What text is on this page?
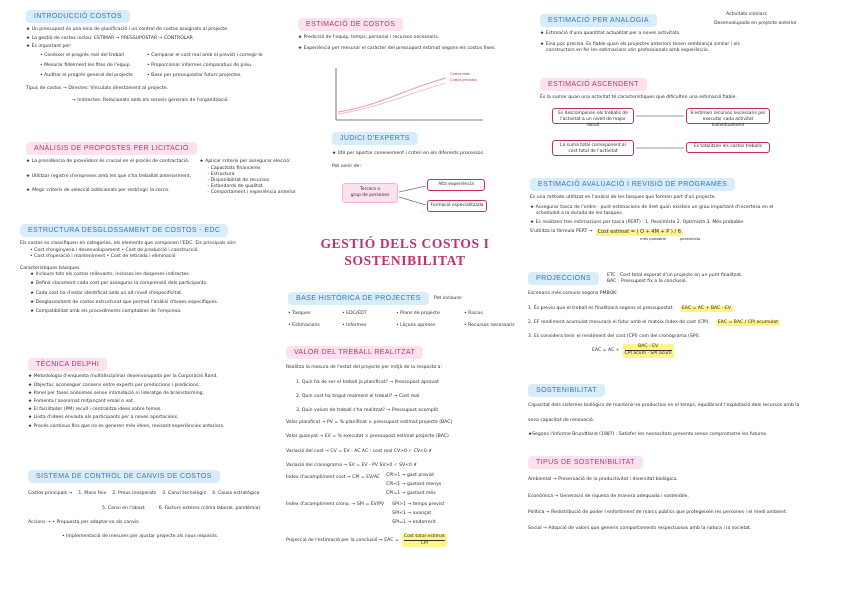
INTRODUCCIÓ COSTOS
★ Un pressupost és una eina de planificació i un control de costos assignats al projecte.
★ La gestió de costos inclou: ESTIMAR → PRESSUPOSTAR → CONTROLAR
★ És important per:
• Conèixer el progrés real del treball
• Mesurar fidelment les fites de l'equip
• Auditar el progrés general del projecte
• Comparar el cost real amb el previst i corregir-lo
• Proporcionar informes comparatius de preu.
• Base per pressupostar futurs projectes.
Tipus de costos → Directes: Vinculats directament al projecte.
→ Indirectes: Relacionats amb els serveis generals de l'organització.
ANÀLISIS DE PROPOSTES PER LICITACIÓ
★ La presidència de proveïdors és crucial en el procés de contractació.
★ Utilitzar registre d'empreses amb les que s'ha treballat anteriorment.
★ Afegir criteris de selecció addicionals per restringir la cerca.
★ Aplicar criteris per assegurar elecció:
- Capacitats financeres
- Estructura
- Disponibilitat de recursos
- Estàndards de qualitat
- Comportament i experiència anterior
ESTRUCTURA DESGLOSSAMENT DE COSTOS - EDC
Els costos es classifiquen en categories, els elements que componen l'EDC. Els principals són:
• Cost d'enginyeria i desenvolupament • Cost de producció i construcció
• Cost d'operació i manteniment • Cost de retirada i eliminació
Característiques bàsiques
★ Incloure tots els costos rellevants, inclosos les despeses indirectes.
★ Definir clarament cada cost per assegurar la comprensió dels participants.
★ Cada cost ha d'estar identificat amb un alt nivell d'especificitat.
★ Desglossament de costos estructurat que permet l'anàlisi d'àrees específiques.
★ Compatibilitat amb els procediments comptables de l'empresa.
TÈCNICA DELPHI
★ Metodologia d'enquesta multidisciplinar desenvolupada per la Corporació Rand.
★ Objectiu: aconseguir consens entre experts per prediccions i predicions.
★ Panel per fases anònimes sense intimidació ni lideratge de brainstorming.
★ Fomenta l'anonimat mitjançant email o xat.
★ El facilitador (PM) recull i centralitza idees sobre temes.
★ Llista d'idees enviada als participants per a noves aportacions.
★ Procés continua fins que no es generen més idees, revisant experiències anteriors.
SISTEMA DE CONTROL DE CANVIS DE COSTOS
Costos principals → 1. Mans feix 2. Preus inesperats 3. Canvi tecnològic 4. Causa estratègica
5. Canvi en l'abast	6. Factors externs (clima laboral, pandèmia)
Accions → • Propuesta per adaptar-se als canvis.
• Implementació de mesures per ajustar projecte als nous requisits.
ESTIMACIÓ DE COSTOS
★ Predicció de l'equip, temps, personal i recursos necessaris.
★ Experiència per mesurar el caràcter del pressupost estimat segons els costos fixes.
Costos reals
Costos previstos
JUDICI D'EXPERTS
★ Útil per aportar coneixement i criteri en els diferents processos.
Pot venir de:
Tercera o
grup de persones
Alta experiència
Formació especialitzada
GESTIÓ DELS COSTOS I
SOSTENIBILITAT
BASE HISTÒRICA DE PROJECTES	Pot incloure:
• Tasques	• EDC/EDT	• Plans de projecte	• Riscos
• Estimacions	• Informes	• Lliçons apreses	• Recursos necessaris
VALOR DEL TREBALL REALITZAT
Realitza la mesura de l'estat del projecte per mitjà de la resposta a:
1. Quin ha de ser el treball ja planificat? → Pressupost aprovat
2. Quin cost ha tingut realment el treball? → Cost real
3. Quin volum de treball s'ha realitzat? → Pressupost acomplit
Valor planificat → PV = % planificat × pressupost estimat projecte (BAC)
Valor guanyat → EV = % executat × pressupost estimat projecte (BAC)
Variació del cost → CV = EV - AC AC : cost real CV>0 ✓ CV<0 ✗
Variació del cronograma → SV = EV - PV SV>0 ✓ SV<0 ✗
Índex d'acompliment cost → CPI = EV/AC CPI>1 → gast previst
CPI<1 → gastant menys
CPI=1 → gastant més
Índex d'acompliment crono. → SPI = EV/PV SPI>1 → temps previst
SPI<1 → avançat
SPI=1 → endarrerit
Projecció de l'estimació per la conclusió → EAC =
Cost total estimat
CPI
ESTIMACIÓ PER ANALOGIA
Activitats similars
Desenvolupada en projecte anterior
★ Estimació d'una quantitat actualitat per a noves activitats.
★ Eina poc precisa. Es fiable quan els projectes anteriors tenen semblança similar i els
constructors en fer les estimacions són professionals amb experiència.
ESTIMACIÓ ASCENDENT
És la sumar quan una activitat té característiques que dificulten una estimació fiable.
Es descomponen els treballs de l'activitat a un nivell de major detall
S'estimen recursos necessaris per executar cada activitat individualment
La suma total corresponent al cost total de l'activitat
Es totalitzen els costos treballs
ESTIMACIÓ AVALUACIÓ I REVISIÓ DE PROGRAMES
Es una mètode utilitzat en l'anàlisi de les tasques que formen part d'un projecte.
★ Assegurar tasca de l'ordre - punt estimacions de dret quan existeix un grau important d'incertesa en el
scheduled a la durada de les tasques.
★ Es realitzen tres estimacions per tasca (PERT) : 1. Pessimista 2. Optimista 3. Més probable
S'utilitza la fórmula PERT →	Cost estimat = ( O + 4M + P ) / 6
més probable	pessimista
PROJECCIONS	ETC : Cost total esperat d'un projecte en un punt finalitzat.
BAC : Pressupost fix a la conclusió.
Escenaris més comuns segons PMBOK:
1. És previu que el treball es finalitzarà segons el pressupostat.	EAC = AC + BAC - EV
2. EF rendiment acumulat mesurarà el futur amb el mateix índex de cost (CPI).	EAC = BAC / CPI acumulat
3. Es considera tenir el rendiment del cost (CPI) com del cronograma (SPI).
EAC = AC +
BAC - EV
CPI acum · SPI acum
SOSTENIBILITAT
Capacitat dels sistemes biològics de mantenir-se productius en el temps, equilibrant l'explotació dels recursos amb la
seva capacitat de renovació.
★Segons l'Informe Brundtland (1987) : Satisfer les necessitats presents sense comprometre les futures.
TIPUS DE SOSTENIBILITAT
Ambiental → Preservació de la productivitat i diversitat biològica.
Econòmica → Generació de riquesa de manera adequada i sostenible.
Política → Redistribució de poder i enfortiment de marcs públics que protegeixen les persones i el medi ambient.
Social → Adopció de valors que generin comportaments respectuosos amb la natura i la societat.
